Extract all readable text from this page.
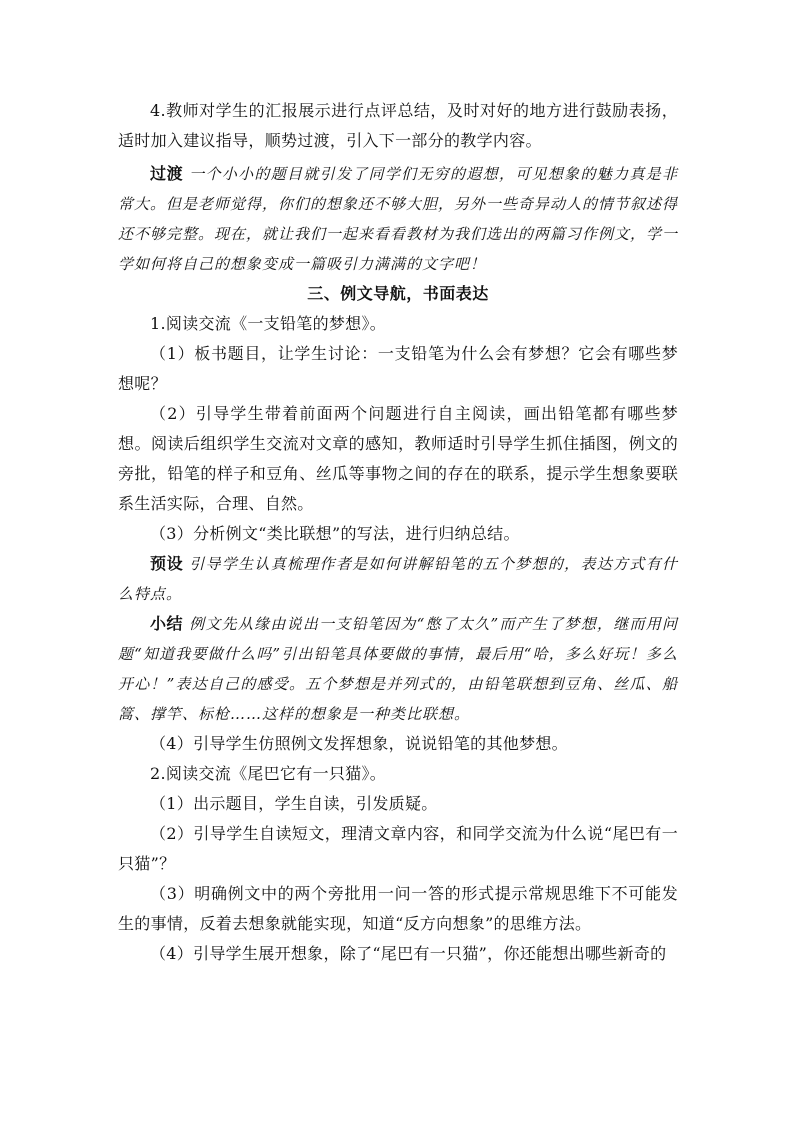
4.教师对学生的汇报展示进行点评总结，及时对好的地方进行鼓励表扬，适时加入建议指导，顺势过渡，引入下一部分的教学内容。

过渡 一个小小的题目就引发了同学们无穷的遐想，可见想象的魅力真是非常大。但是老师觉得，你们的想象还不够大胆，另外一些奇异动人的情节叙述得还不够完整。现在，就让我们一起来看看教材为我们选出的两篇习作例文，学一学如何将自己的想象变成一篇吸引力满满的文字吧！

三、例文导航，书面表达

1.阅读交流《一支铅笔的梦想》。

（1）板书题目，让学生讨论：一支铅笔为什么会有梦想？它会有哪些梦想呢？

（2）引导学生带着前面两个问题进行自主阅读，画出铅笔都有哪些梦想。阅读后组织学生交流对文章的感知，教师适时引导学生抓住插图，例文的旁批，铅笔的样子和豆角、丝瓜等事物之间的存在的联系，提示学生想象要联系生活实际，合理、自然。

（3）分析例文“类比联想”的写法，进行归纳总结。

预设 引导学生认真梳理作者是如何讲解铅笔的五个梦想的，表达方式有什么特点。

小结 例文先从缘由说出一支铅笔因为“憋了太久”而产生了梦想，继而用问题“知道我要做什么吗”引出铅笔具体要做的事情，最后用“哈，多么好玩！多么开心！”表达自己的感受。五个梦想是并列式的，由铅笔联想到豆角、丝瓜、船篙、撑竿、标枪……这样的想象是一种类比联想。

（4）引导学生仿照例文发挥想象，说说铅笔的其他梦想。

2.阅读交流《尾巴它有一只猫》。

（1）出示题目，学生自读，引发质疑。

（2）引导学生自读短文，理清文章内容，和同学交流为什么说“尾巴有一只猫”？

（3）明确例文中的两个旁批用一问一答的形式提示常规思维下不可能发生的事情，反着去想象就能实现，知道“反方向想象”的思维方法。

（4）引导学生展开想象，除了“尾巴有一只猫”，你还能想出哪些新奇的
